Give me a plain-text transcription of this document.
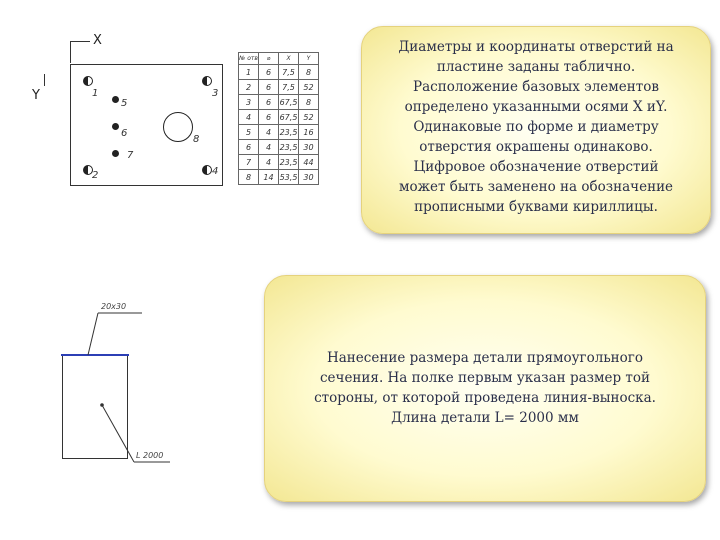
X
Y	1
2
3
4
5
6
7
8
№ отв	⌀	X	Y
1	6	7,5	8
2	6	7,5	52
3	6	67,5	8
4	6	67,5	52
5	4	23,5	16
6	4	23,5	30
7	4	23,5	44
8	14	53,5	30
Диаметры и координаты отверстий на
пластине заданы таблично.
Расположение базовых элементов
определено указанными осями X иY.
Одинаковые по форме и диаметру
отверстия окрашены одинаково.
Цифровое обозначение отверстий
может быть заменено на обозначение
прописными буквами кириллицы.
20x30
L 2000
Нанесение размера детали прямоугольного
сечения. На полке первым указан размер той
стороны, от которой проведена линия-выноска.
Длина детали L= 2000 мм
